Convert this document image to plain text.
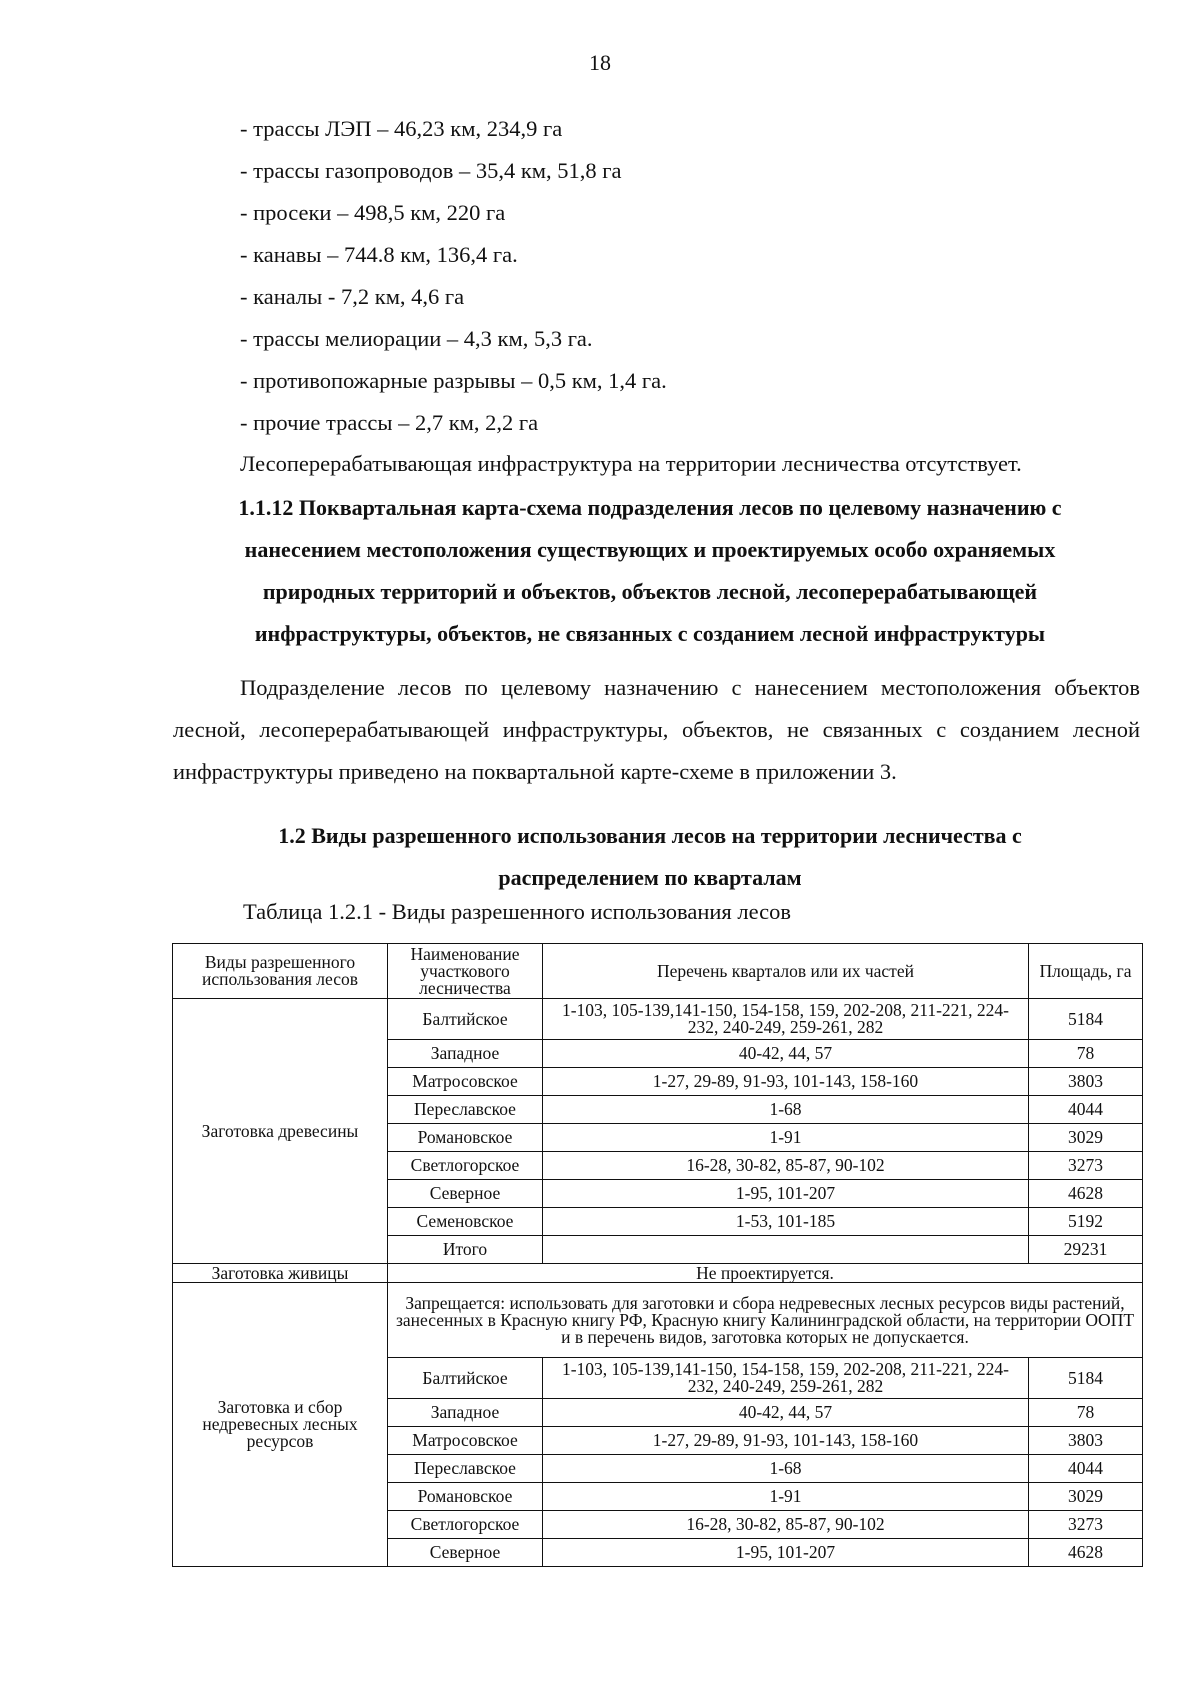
18
- трассы ЛЭП – 46,23 км, 234,9 га
- трассы газопроводов – 35,4 км, 51,8 га
- просеки – 498,5 км, 220 га
- канавы – 744.8 км, 136,4 га.
- каналы - 7,2 км, 4,6 га
- трассы мелиорации – 4,3 км, 5,3 га.
- противопожарные разрывы – 0,5 км, 1,4 га.
- прочие трассы – 2,7 км, 2,2 га
Лесоперерабатывающая инфраструктура на территории лесничества отсутствует.
1.1.12 Поквартальная карта-схема подразделения лесов по целевому назначению с
нанесением местоположения существующих и проектируемых особо охраняемых
природных территорий и объектов, объектов лесной, лесоперерабатывающей
инфраструктуры, объектов, не связанных с созданием лесной инфраструктуры

Подразделение лесов по целевому назначению с нанесением местоположения объектов лесной, лесоперерабатывающей инфраструктуры, объектов, не связанных с созданием лесной инфраструктуры приведено на поквартальной карте-схеме в приложении 3.

1.2 Виды разрешенного использования лесов на территории лесничества с
распределением по кварталам
Таблица 1.2.1 - Виды разрешенного использования лесов
Виды разрешенного использования лесов	Наименование участкового лесничества	Перечень кварталов или их частей	Площадь, га
Заготовка древесины	Балтийское	1-103, 105-139,141-150, 154-158, 159, 202-208, 211-221, 224-232, 240-249, 259-261, 282	5184
	Западное	40-42, 44, 57	78
	Матросовское	1-27, 29-89, 91-93, 101-143, 158-160	3803
	Переславское	1-68	4044
	Романовское	1-91	3029
	Светлогорское	16-28, 30-82, 85-87, 90-102	3273
	Северное	1-95, 101-207	4628
	Семеновское	1-53, 101-185	5192
	Итого		29231
Заготовка живицы	Не проектируется.		
Заготовка и сбор недревесных лесных ресурсов	Запрещается: использовать для заготовки и сбора недревесных лесных ресурсов виды растений, занесенных в Красную книгу РФ, Красную книгу Калининградской области, на территории ООПТ и в перечень видов, заготовка которых не допускается.		
	Балтийское	1-103, 105-139,141-150, 154-158, 159, 202-208, 211-221, 224-232, 240-249, 259-261, 282	5184
	Западное	40-42, 44, 57	78
	Матросовское	1-27, 29-89, 91-93, 101-143, 158-160	3803
	Переславское	1-68	4044
	Романовское	1-91	3029
	Светлогорское	16-28, 30-82, 85-87, 90-102	3273
	Северное	1-95, 101-207	4628
